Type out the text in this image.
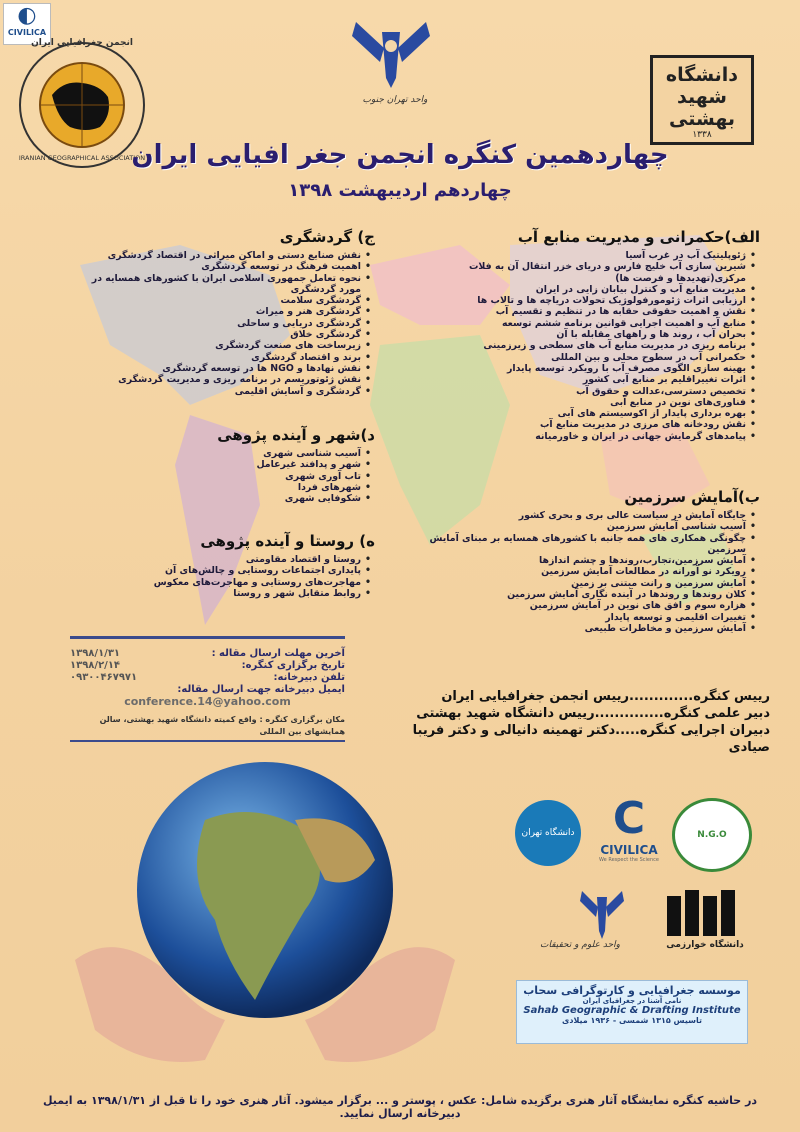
◐
CIVILICA
انجمن جغرافیایی ایران
IRANIAN GEOGRAPHICAL ASSOCIATION
واحد تهران جنوب
دانشگاه شهید بهشتی
۱۳۳۸
چهاردهمین کنگره انجمن جغر افیایی ایران
چهاردهم اردیبهشت ۱۳۹۸
الف)حکمرانی و مدیریت منابع آب
• ژئوپلیتیک آب در غرب آسیا
• شیرین سازی آب خلیج فارس و دریای خزر انتقال آن به فلات مرکزی(تهدیدها و فرصت ها)
• مدیریت منابع آب و کنترل بیابان زایی در ایران
• ارزیابی اثرات ژئومورفولوژیک تحولات دریاچه ها و تالاب ها
• نقش و اهمیت حقوقی حقابه ها در تنظیم و تقسیم آب
• منابع آب و اهمیت اجرایی قوانین برنامه ششم توسعه
• بحران آب ، روند ها و راههای مقابله با آن
• برنامه ریزی در مدیریت منابع آب های سطحی و زیرزمینی
• حکمرانی آب در سطوح محلی و بین المللی
• بهینه سازی الگوی مصرف آب با رویکرد توسعه پایدار
• اثرات تغییراقلیم بر منابع آبی کشور
• تخصیص دسترسی،عدالت و حقوق آب
• فناوری‌های نوین در منابع آبی
• بهره برداری پایدار از اکوسیستم های آبی
• نقش رودخانه های مرزی در مدیریت منابع آب
• پیامدهای گرمایش جهانی در ایران و خاورمیانه
ب)آمایش سرزمین
• جایگاه آمایش در سیاست عالی بری و بحری کشور
• آسیب شناسی آمایش سرزمین
• چگونگی همکاری های همه جانبه با کشورهای همسایه بر مبنای آمایش سرزمین
• آمایش سرزمین،تجارب،روندها و چشم اندازها
• رویکرد نو آورانه در مطالعات آمایش سرزمین
• آمایش سرزمین و رانت مبتنی بر زمین
• کلان روندها و روندها در آینده نگاری آمایش سرزمین
• هزاره سوم و افق های نوین در آمایش سرزمین
• تغییرات اقلیمی و توسعه پایدار
• آمایش سرزمین و مخاطرات طبیعی
ج) گردشگری
• نقش صنایع دستی و اماکن میراثی در اقتصاد گردشگری
• اهمیت فرهنگ در توسعه گردشگری
• نحوه تعامل جمهوری اسلامی ایران با کشورهای همسایه در مورد گردشگری
• گردشگری سلامت
• گردشگری هنر و میراث
• گردشگری دریایی و ساحلی
• گردشگری خلاق
• زیرساخت های صنعت گردشگری
• برند و اقتصاد گردشگری
• نقش نهادها و NGO ها در توسعه گردشگری
• نقش ژئوتوریسم در برنامه ریزی و مدیریت گردشگری
• گردشگری و آسایش اقلیمی
د)شهر و آینده پژوهی
• آسیب شناسی شهری
• شهر و پدافند غیرعامل
• تاب آوری شهری
• شهرهای فردا
• شکوفایی شهری
ه) روستا و آینده پژوهی
• روستا و اقتصاد مقاومتی
• پایداری اجتماعات روستایی و چالش‌های آن
• مهاجرت‌های روستایی و مهاجرت‌های معکوس
• روابط متقابل شهر و روستا
آخرین مهلت ارسال مقاله :
۱۳۹۸/۱/۳۱
تاریخ برگزاری کنگره:
۱۳۹۸/۲/۱۴
تلفن دبیرخانه:
۰۹۳۰۰۴۶۷۹۷۱
ایمیل دبیرخانه جهت ارسال مقاله:
conference.14@yahoo.com
مکان برگزاری کنگره : واقع کمیته دانشگاه شهید بهشتی، سالن همایشهای بین المللی
رییس کنگره.............رییس انجمن جغرافیایی ایران
دبیر علمی کنگره..............رییس دانشگاه شهید بهشتی
دبیران اجرایی کنگره.....دکتر تهمینه دانیالی و دکتر فریبا صیادی
دانشگاه تهران C
CIVILICA
We Respect the Science
N.G.O
واحد علوم و تحقیقات	دانشگاه خوارزمی
موسسه جغرافیایی و کارتوگرافی سحاب
نامی آشنا در جغرافیای ایران
Sahab Geographic & Drafting Institute
تاسیس ۱۳۱۵ شمسی - ۱۹۳۶ میلادی
در حاشیه کنگره نمایشگاه آثار هنری برگزیده شامل: عکس ، پوستر و ... برگزار میشود. آثار هنری خود را تا قبل از ۱۳۹۸/۱/۳۱ به ایمیل دبیرخانه ارسال نمایید.
